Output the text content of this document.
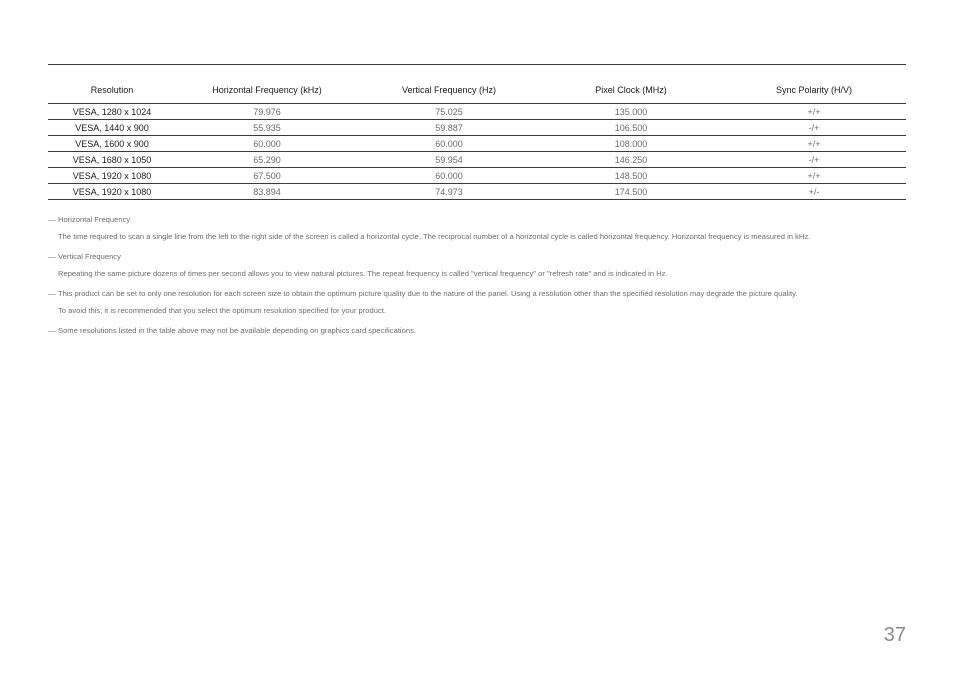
Resolution	Horizontal Frequency (kHz)	Vertical Frequency (Hz)	Pixel Clock (MHz)	Sync Polarity (H/V)
VESA, 1280 x 1024	79.976	75.025	135.000	+/+
VESA, 1440 x 900	55.935	59.887	106.500	-/+
VESA, 1600 x 900	60.000	60.000	108.000	+/+
VESA, 1680 x 1050	65.290	59.954	146.250	-/+
VESA, 1920 x 1080	67.500	60.000	148.500	+/+
VESA, 1920 x 1080	83.894	74.973	174.500	+/-
― Horizontal Frequency

The time required to scan a single line from the left to the right side of the screen is called a horizontal cycle. The reciprocal number of a horizontal cycle is called horizontal frequency. Horizontal frequency is measured in kHz.

― Vertical Frequency

Repeating the same picture dozens of times per second allows you to view natural pictures. The repeat frequency is called "vertical frequency" or "refresh rate" and is indicated in Hz.

― This product can be set to only one resolution for each screen size to obtain the optimum picture quality due to the nature of the panel. Using a resolution other than the specified resolution may degrade the picture quality.

To avoid this, it is recommended that you select the optimum resolution specified for your product.

― Some resolutions listed in the table above may not be available depending on graphics card specifications.

37
